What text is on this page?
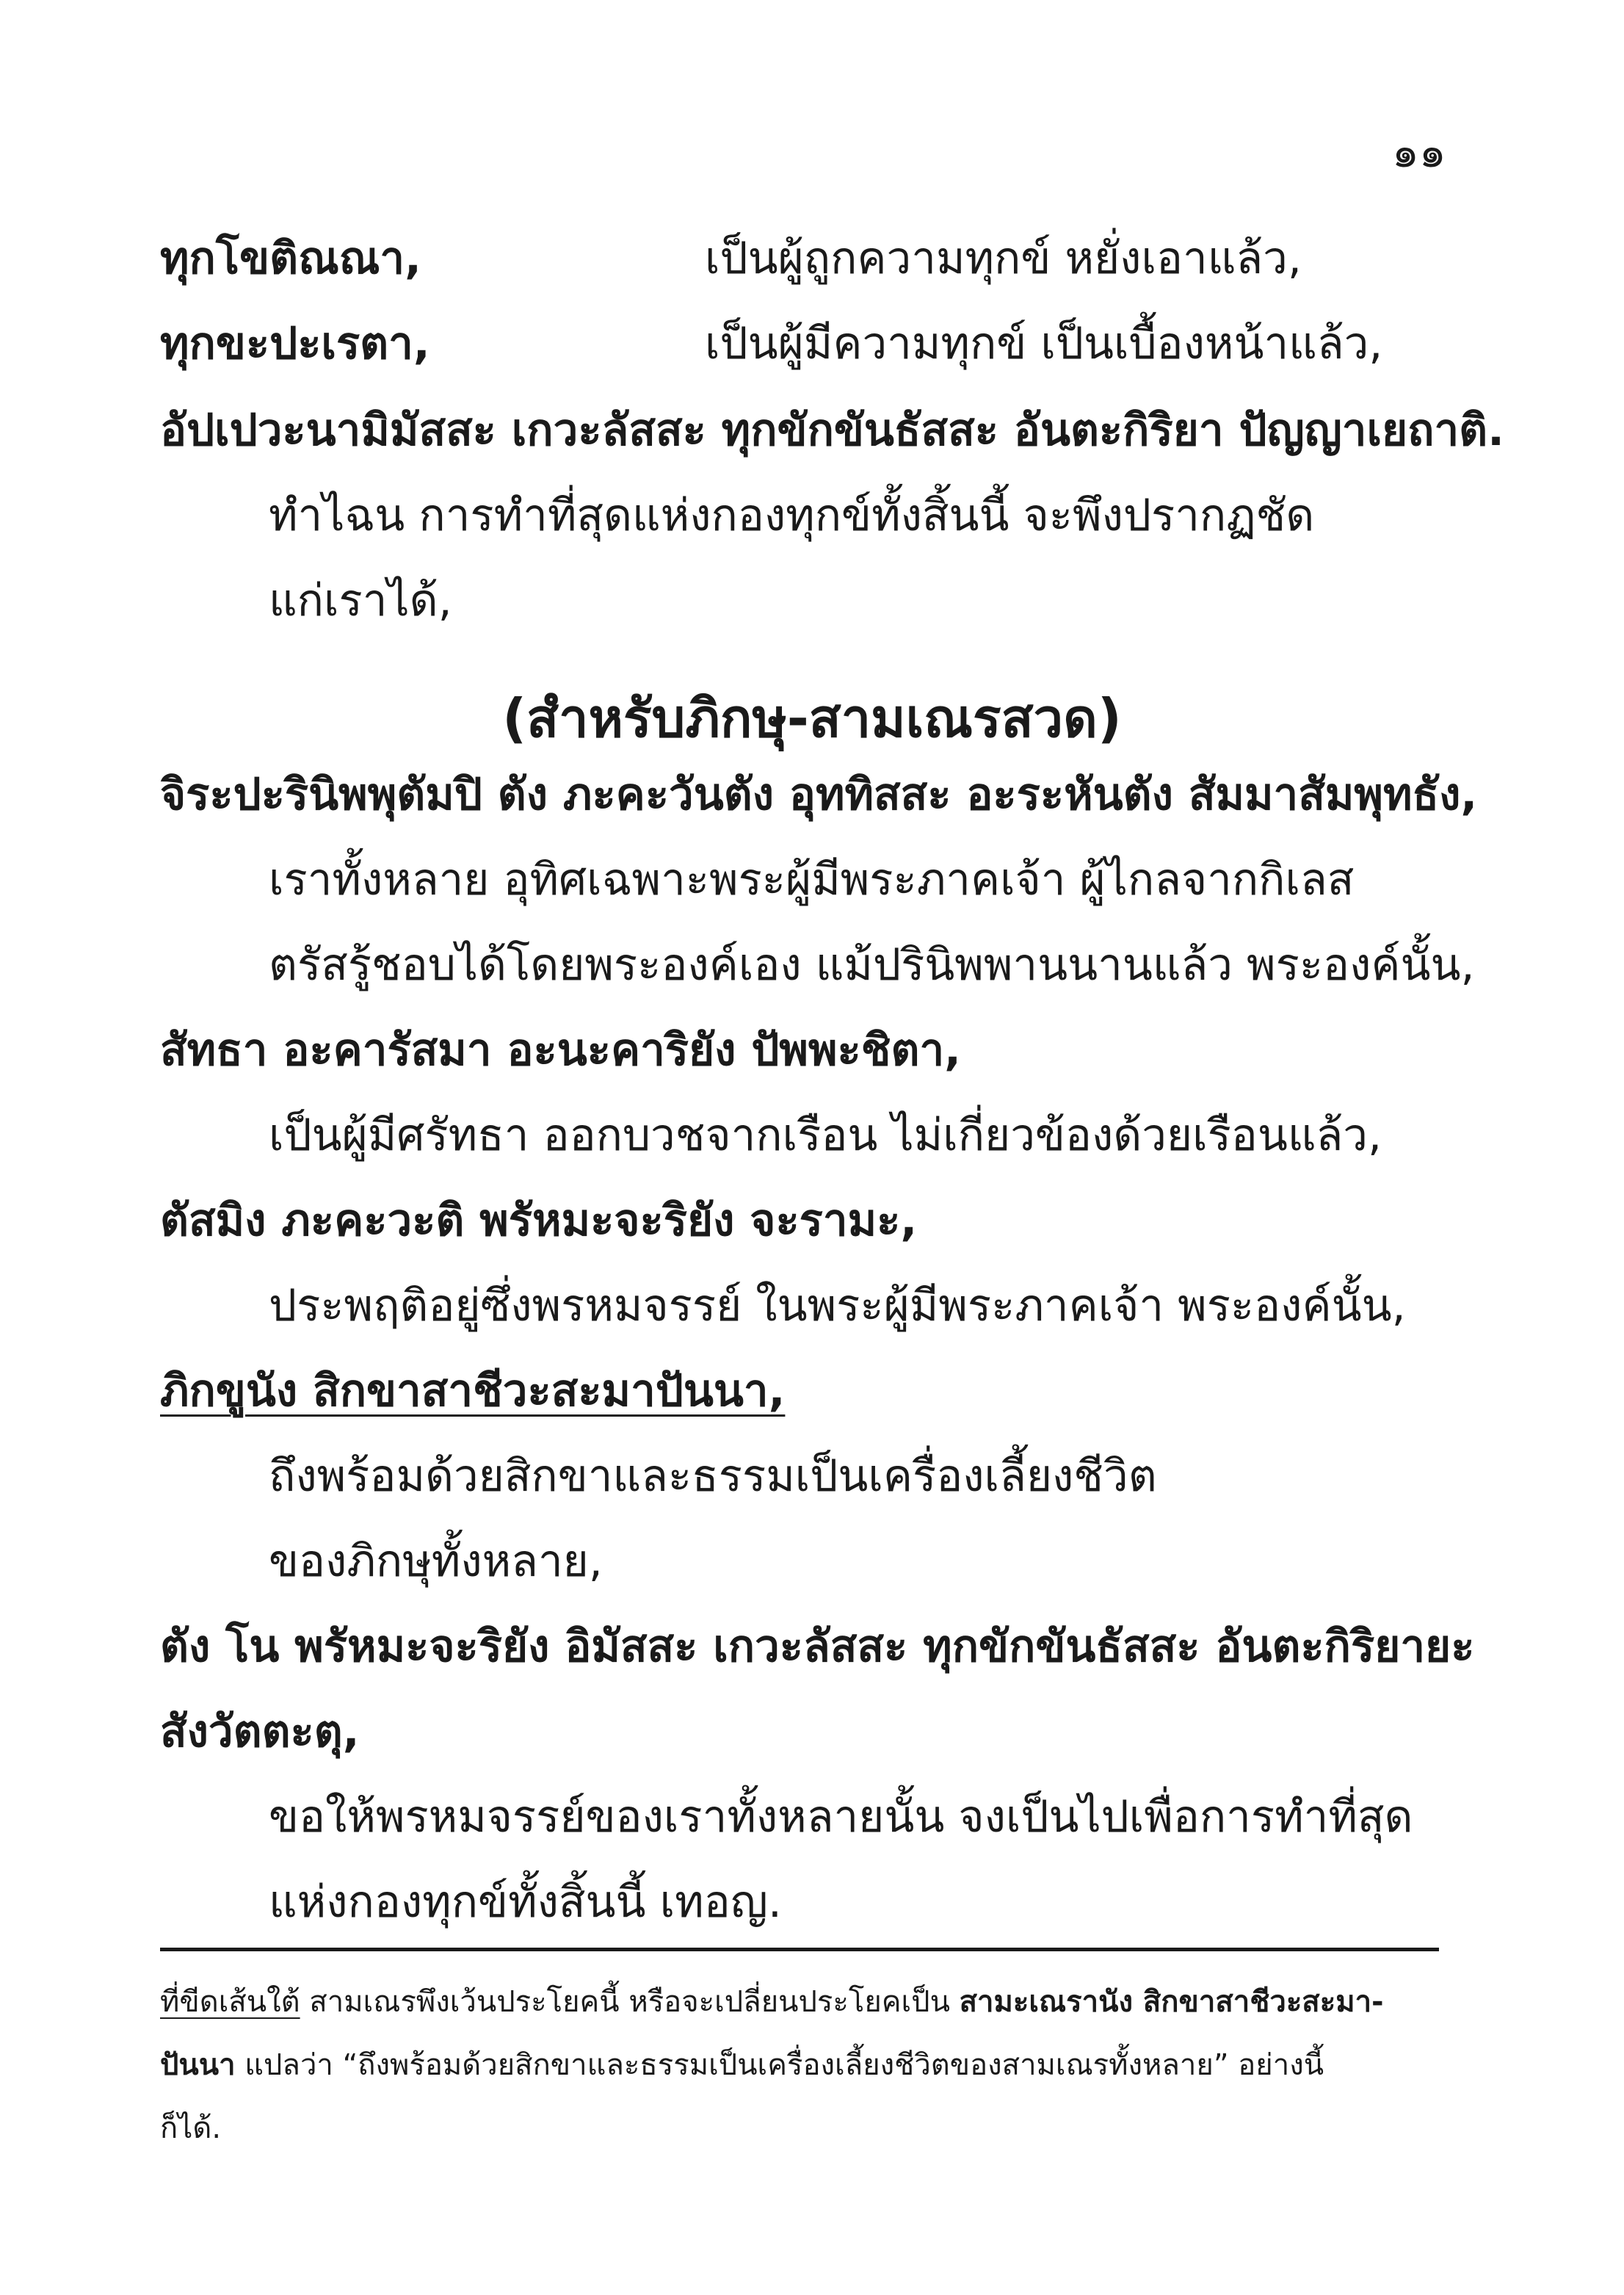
๑๑
ทุกโขติณณา,	เป็นผู้ถูกความทุกข์ หยั่งเอาแล้ว,
ทุกขะปะเรตา,	เป็นผู้มีความทุกข์ เป็นเบื้องหน้าแล้ว,
อัปเปวะนามิมัสสะ เกวะลัสสะ ทุกขักขันธัสสะ อันตะกิริยา ปัญญาเยถาติ.
ทำไฉน การทำที่สุดแห่งกองทุกข์ทั้งสิ้นนี้ จะพึงปรากฏชัด
แก่เราได้,
(สำหรับภิกษุ-สามเณรสวด)
จิระปะรินิพพุตัมปิ ตัง ภะคะวันตัง อุททิสสะ อะระหันตัง สัมมาสัมพุทธัง,
เราทั้งหลาย อุทิศเฉพาะพระผู้มีพระภาคเจ้า ผู้ไกลจากกิเลส
ตรัสรู้ชอบได้โดยพระองค์เอง แม้ปรินิพพานนานแล้ว พระองค์นั้น,
สัทธา อะคารัสมา อะนะคาริยัง ปัพพะชิตา,
เป็นผู้มีศรัทธา ออกบวชจากเรือน ไม่เกี่ยวข้องด้วยเรือนแล้ว,
ตัสมิง ภะคะวะติ พรัหมะจะริยัง จะรามะ,
ประพฤติอยู่ซึ่งพรหมจรรย์ ในพระผู้มีพระภาคเจ้า พระองค์นั้น,
ภิกขูนัง สิกขาสาชีวะสะมาปันนา,
ถึงพร้อมด้วยสิกขาและธรรมเป็นเครื่องเลี้ยงชีวิต
ของภิกษุทั้งหลาย,
ตัง โน พรัหมะจะริยัง อิมัสสะ เกวะลัสสะ ทุกขักขันธัสสะ อันตะกิริยายะ
สังวัตตะตุ,
ขอให้พรหมจรรย์ของเราทั้งหลายนั้น จงเป็นไปเพื่อการทำที่สุด
แห่งกองทุกข์ทั้งสิ้นนี้ เทอญ.
ที่ขีดเส้นใต้ สามเณรพึงเว้นประโยคนี้ หรือจะเปลี่ยนประโยคเป็น สามะเณรานัง สิกขาสาชีวะสะมา-
ปันนา แปลว่า “ถึงพร้อมด้วยสิกขาและธรรมเป็นเครื่องเลี้ยงชีวิตของสามเณรทั้งหลาย” อย่างนี้
ก็ได้.
